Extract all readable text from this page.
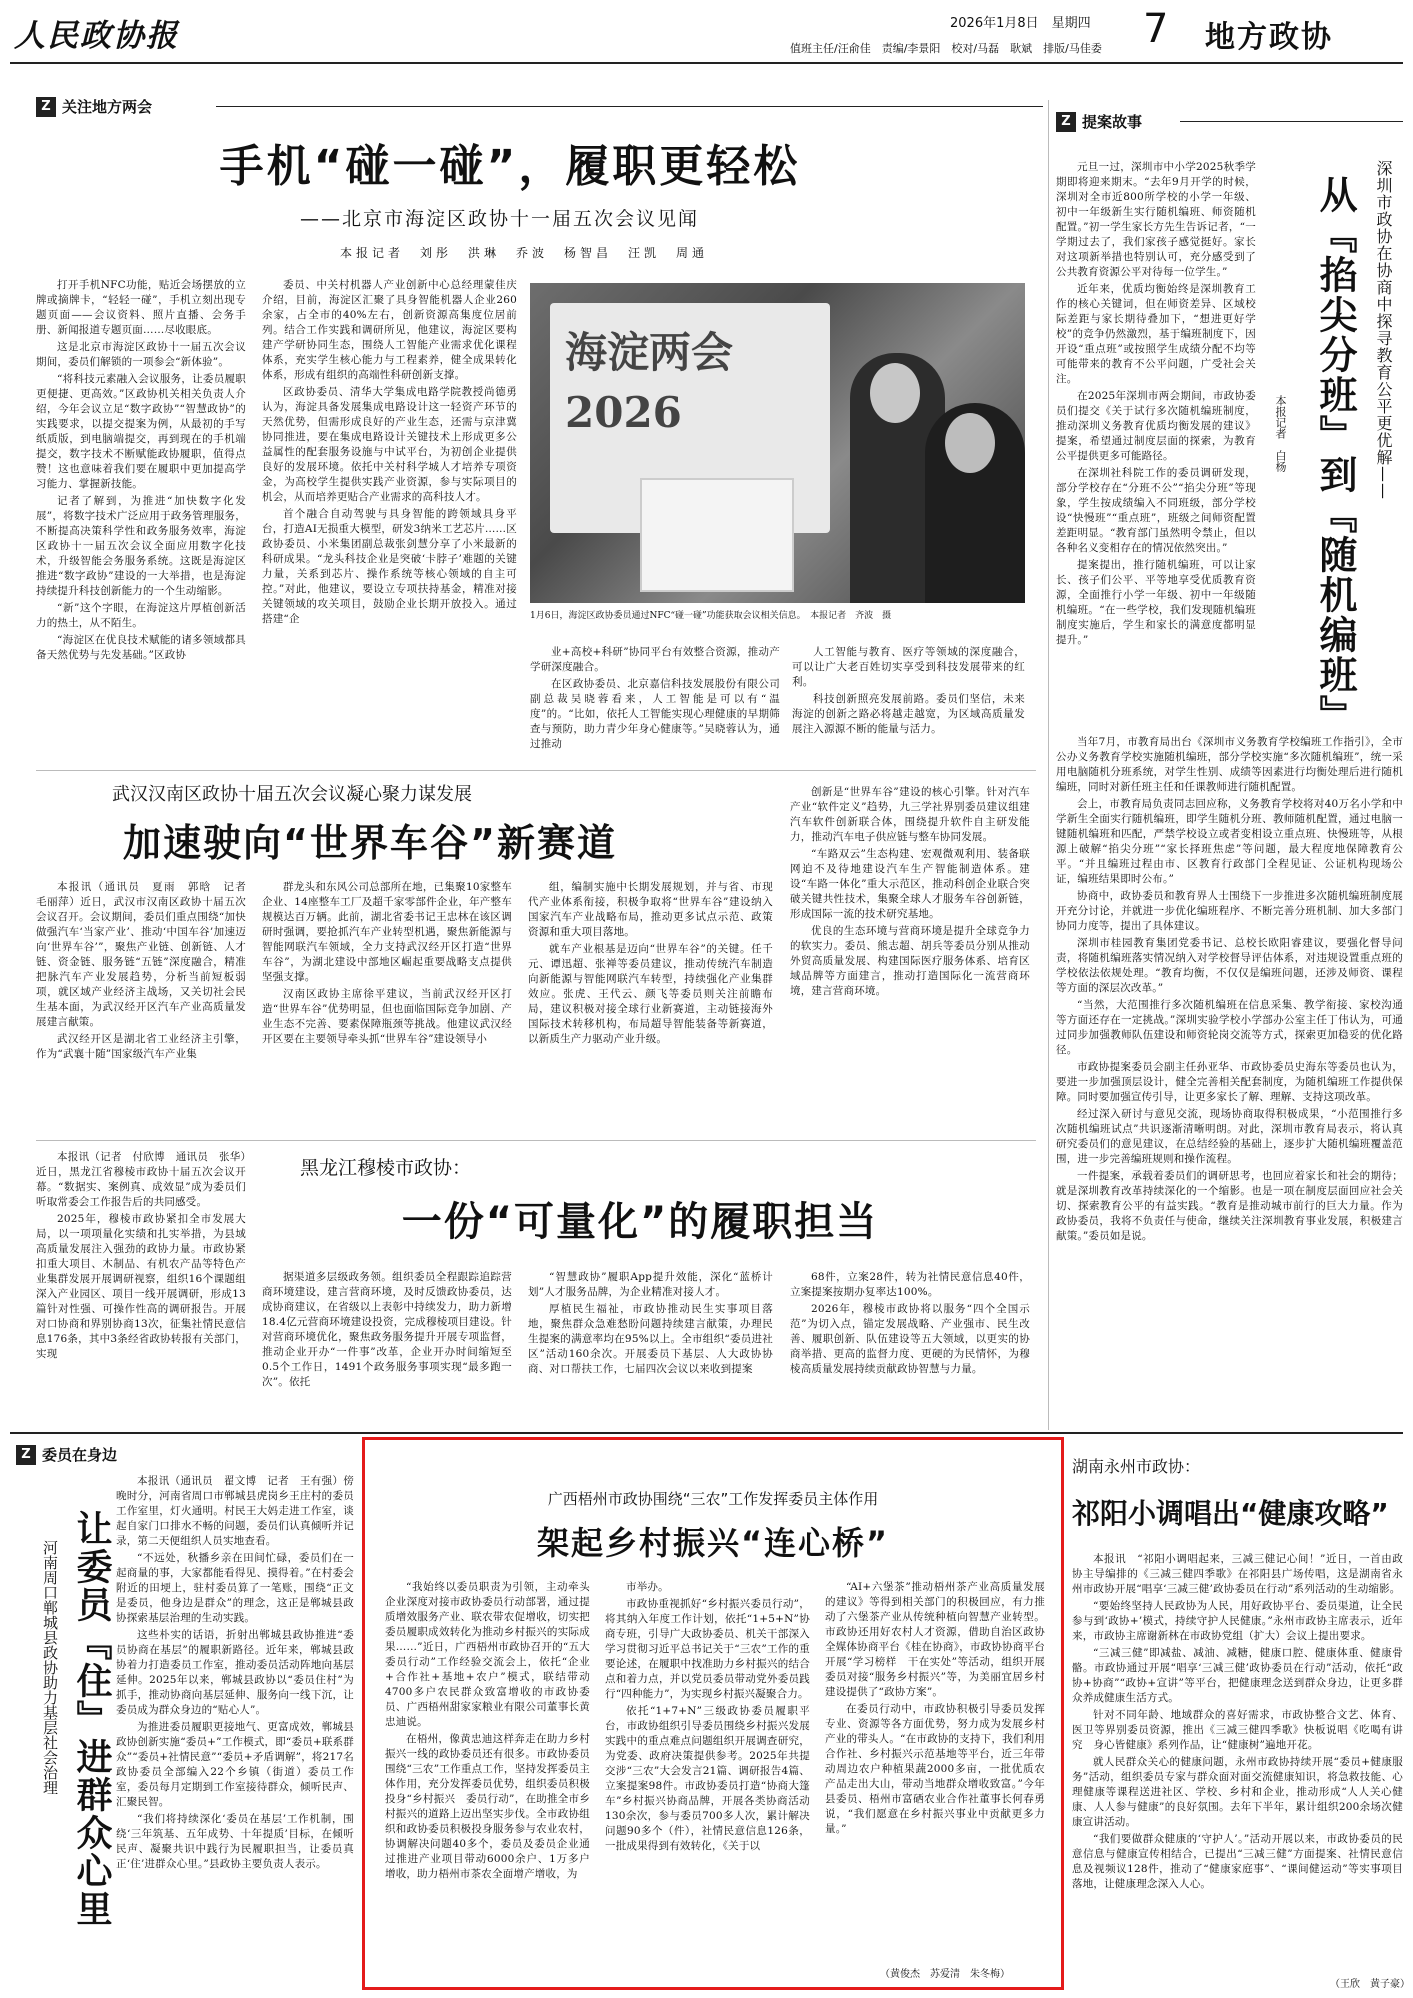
人民政协报	2026年1月8日　 星期四
值班主任/汪俞佳　责编/李景阳　校对/马磊　耿斌　排版/马佳委 7 地方政协
Z 关注地方两会
Z 提案故事
手机“碰一碰”，履职更轻松
——北京市海淀区政协十一届五次会议见闻
本报记者　刘彤　洪琳　乔波　杨智昌　汪凯　周通

打开手机NFC功能，贴近会场摆放的立牌或摘牌卡，“轻轻一碰”，手机立刻出现专题页面——会议资料、照片直播、会务手册、新闻报道专题页面……尽收眼底。

这是北京市海淀区政协十一届五次会议期间，委员们解锁的一项参会“新体验”。

“将科技元素融入会议服务，让委员履职更便捷、更高效。”区政协机关相关负责人介绍，今年会议立足“数字政协”“智慧政协”的实践要求，以提交提案为例，从最初的手写纸质版，到电脑端提交，再到现在的手机端提交，数字技术不断赋能政协履职，值得点赞！这也意味着我们要在履职中更加提高学习能力、掌握新技能。

记者了解到，为推进“加快数字化发展”，将数字技术广泛应用于政务管理服务，不断提高决策科学性和政务服务效率，海淀区政协十一届五次会议全面应用数字化技术，升级智能会务服务系统。这既是海淀区推进“数字政协”建设的一大举措，也是海淀持续提升科技创新能力的一个生动缩影。

“新”这个字眼，在海淀这片厚植创新活力的热土，从不陌生。

“海淀区在优良技术赋能的诸多领域都具备天然优势与先发基础。”区政协

委员、中关村机器人产业创新中心总经理蒙佳庆介绍，目前，海淀区汇聚了具身智能机器人企业260余家，占全市的40%左右，创新资源高集度位居前列。结合工作实践和调研所见，他建议，海淀区要构建产学研协同生态，围绕人工智能产业需求优化课程体系，充实学生核心能力与工程素养，健全成果转化体系，形成有组织的高端性科研创新支撑。

区政协委员、清华大学集成电路学院教授尚德勇认为，海淀具备发展集成电路设计这一轻资产环节的天然优势，但需形成良好的产业生态，还需与京津冀协同推进，要在集成电路设计关键技术上形成更多公益属性的配套服务设施与中试平台，为初创企业提供良好的发展环境。依托中关村科学城人才培养专项资金，为高校学生提供实践产业资源，参与实际项目的机会，从而培养更贴合产业需求的高科技人才。

首个融合自动驾驶与具身智能的跨领域具身平台，打造AI无损重大模型，研发3纳米工艺芯片……区政协委员、小米集团副总裁张剑慧分享了小米最新的科研成果。“龙头科技企业是突破‘卡脖子’难题的关键力量，关系到芯片、操作系统等核心领域的自主可控。”对此，他建议，要设立专项扶持基金，精准对接关键领域的攻关项目，鼓励企业长期开放投入。通过搭建“企

海淀两会 2026
1月6日，海淀区政协委员通过NFC“碰一碰”功能获取会议相关信息。　本报记者　齐波　摄

业+高校+科研”协同平台有效整合资源，推动产学研深度融合。

在区政协委员、北京嘉信科技发展股份有限公司副总裁吴晓蓉看来，人工智能是可以有“温度”的。“比如，依托人工智能实现心理健康的早期筛查与预防，助力青少年身心健康等。”吴晓蓉认为，通过推动

人工智能与教育、医疗等领域的深度融合，可以让广大老百姓切实享受到科技发展带来的红利。

科技创新照亮发展前路。委员们坚信，未来海淀的创新之路必将越走越宽，为区域高质量发展注入源源不断的能量与活力。

武汉汉南区政协十届五次会议凝心聚力谋发展
加速驶向“世界车谷”新赛道

本报讯（通讯员　夏雨　郭晗　记者　毛丽萍）近日，武汉市汉南区政协十届五次会议召开。会议期间，委员们重点围绕“加快做强汽车‘当家产业’、推动‘中国车谷’加速迈向‘世界车谷’”，聚焦产业链、创新链、人才链、资金链、服务链“五链”深度融合，精准把脉汽车产业发展趋势，分析当前短板弱项，就区域产业经济主战场，又关切社会民生基本面，为武汉经开区汽车产业高质量发展建言献策。

武汉经开区是湖北省工业经济主引擎，作为“武襄十随”国家级汽车产业集

群龙头和东风公司总部所在地，已集聚10家整车企业、14座整车工厂及超千家零部件企业，年产整车规模达百万辆。此前，湖北省委书记王忠林在该区调研时强调，要抢抓汽车产业转型机遇，聚焦新能源与智能网联汽车领域，全力支持武汉经开区打造“世界车谷”，为湖北建设中部地区崛起重要战略支点提供坚强支撑。

汉南区政协主席徐平建议，当前武汉经开区打造“世界车谷”优势明显，但也面临国际竞争加剧、产业生态不完善、要素保障瓶颈等挑战。他建议武汉经开区要在主要领导牵头抓“世界车谷”建设领导小

组，编制实施中长期发展规划，并与省、市现代产业体系衔接，积极争取将“世界车谷”建设纳入国家汽车产业战略布局，推动更多试点示范、政策资源和重大项目落地。

就车产业根基是迈向“世界车谷”的关键。任千元、谭迅超、张禅等委员建议，推动传统汽车制造向新能源与智能网联汽车转型，持续强化产业集群效应。张虎、王代云、颜飞等委员则关注前瞻布局，建议积极对接全球行业新赛道，主动链接海外国际技术转移机构，布局超导智能装备等新赛道，以新质生产力驱动产业升级。

创新是“世界车谷”建设的核心引擎。针对汽车产业“软件定义”趋势，九三学社界别委员建议组建汽车软件创新联合体，围绕提升软件自主研发能力，推动汽车电子供应链与整车协同发展。

“车路双云”生态构建、宏观微观利用、装备联网迫不及待地建设汽车生产智能制造体系。建设“车路一体化”重大示范区，推动科创企业联合突破关键共性技术，集聚全球人才服务车谷创新链，形成国际一流的技术研究基地。

优良的生态环境与营商环境是提升全球竞争力的软实力。委员、熊志超、胡兵等委员分别从推动外贸高质量发展、构建国际医疗服务体系、培育区域品牌等方面建言，推动打造国际化一流营商环境，建言营商环境。

本报讯（记者　付欣博　通讯员　张华）近日，黑龙江省穆棱市政协十届五次会议开幕。“数据实、案例真、成效显”成为委员们听取常委会工作报告后的共同感受。

2025年，穆棱市政协紧扣全市发展大局，以一项项量化实绩和扎实举措，为县域高质量发展注入强劲的政协力量。市政协紧扣重大项目、木制品、有机农产品等特色产业集群发展开展调研视察，组织16个课题组深入产业园区、项目一线开展调研，形成13篇针对性强、可操作性高的调研报告。开展对口协商和界别协商13次，征集社情民意信息176条，其中3条经省政协转报有关部门，实现

黑龙江穆棱市政协：
一份“可量化”的履职担当

据渠道多层级政务领。组织委员全程跟踪追踪营商环境建设，建言营商环境，及时反馈政协委员，达成协商建议，在省级以上表彰中持续发力，助力新增18.4亿元营商环境建设投资，完成穆棱项目建设。针对营商环境优化，聚焦政务服务提升开展专项监督，推动企业开办“一件事”改革，企业开办时间缩短至0.5个工作日，1491个政务服务事项实现“最多跑一次”。依托

“智慧政协”履职App提升效能，深化“蓝桥计划”人才服务品牌，为企业精准对接人才。

厚植民生福祉，市政协推动民生实事项目落地，聚焦群众急难愁盼问题持续建言献策，办理民生提案的满意率均在95%以上。全市组织“委员进社区”活动160余次。开展委员下基层、人大政协协商、对口帮扶工作，七届四次会议以来收到提案

68件，立案28件，转为社情民意信息40件，立案提案按期办复率达100%。

2026年，穆棱市政协将以服务“四个全国示范”为切入点，锚定发展战略、产业强市、民生改善、履职创新、队伍建设等五大领域，以更实的协商举措、更高的监督力度、更硬的为民情怀，为穆棱高质量发展持续贡献政协智慧与力量。

元旦一过，深圳市中小学2025秋季学期即将迎来期末。“去年9月开学的时候，深圳对全市近800所学校的小学一年级、初中一年级新生实行随机编班、师资随机配置。”初一学生家长方先生告诉记者，“一学期过去了，我们家孩子感觉挺好。家长对这项新举措也特别认可，充分感受到了公共教育资源公平对待每一位学生。”

近年来，优质均衡始终是深圳教育工作的核心关键词，但在师资差异、区域校际差距与家长期待叠加下，“想进更好学校”的竞争仍然激烈，基于编班制度下，因开设“重点班”或按照学生成绩分配不均等可能带来的教育不公平问题，广受社会关注。

在2025年深圳市两会期间，市政协委员们提交《关于试行多次随机编班制度，推动深圳义务教育优质均衡发展的建议》提案，希望通过制度层面的探索，为教育公平提供更多可能路径。

在深圳社科院工作的委员调研发现，部分学校存在“分班不公”“掐尖分班”等现象，学生按成绩编入不同班级，部分学校设“快慢班”“重点班”，班级之间师资配置差距明显。“教育部门虽然明令禁止，但以各种名义变相存在的情况依然突出。”

提案提出，推行随机编班，可以让家长、孩子们公平、平等地享受优质教育资源，全面推行小学一年级、初中一年级随机编班。“在一些学校，我们发现随机编班制度实施后，学生和家长的满意度都明显提升。”

深圳市政协在协商中探寻教育公平更优解——
从『掐尖分班』到『随机编班』
本报记者　白杨

当年7月，市教育局出台《深圳市义务教育学校编班工作指引》，全市公办义务教育学校实施随机编班，部分学校实施“多次随机编班”，统一采用电脑随机分班系统，对学生性别、成绩等因素进行均衡处理后进行随机编班，同时对新任班主任和任课教师进行随机配置。

会上，市教育局负责同志回应称，义务教育学校将对40万名小学和中学新生全面实行随机编班，即学生随机分班、教师随机配置，通过电脑一键随机编班和匹配，严禁学校设立或者变相设立重点班、快慢班等，从根源上破解“掐尖分班”“家长择班焦虑”等问题，最大程度地保障教育公平。“并且编班过程由市、区教育行政部门全程见证、公证机构现场公证，编班结果即时公布。”

协商中，政协委员和教育界人士围绕下一步推进多次随机编班制度展开充分讨论，并就进一步优化编班程序、不断完善分班机制、加大多部门协同力度等，提出了具体建议。

深圳市桂园教育集团党委书记、总校长欧阳睿建议，要强化督导问责，将随机编班落实情况纳入对学校督导评估体系，对违规设置重点班的学校依法依规处理。“教育均衡，不仅仅是编班问题，还涉及师资、课程等方面的深层次改革。”

“当然，大范围推行多次随机编班在信息采集、教学衔接、家校沟通等方面还存在一定挑战。”深圳实验学校小学部办公室主任丁伟认为，可通过同步加强教师队伍建设和师资轮岗交流等方式，探索更加稳妥的优化路径。

市政协提案委员会副主任孙亚华、市政协委员史海东等委员也认为，要进一步加强顶层设计，健全完善相关配套制度，为随机编班工作提供保障。同时要加强宣传引导，让更多家长了解、理解、支持这项改革。

经过深入研讨与意见交流，现场协商取得积极成果，“小范围推行多次随机编班试点”共识逐渐清晰明朗。对此，深圳市教育局表示，将认真研究委员们的意见建议，在总结经验的基础上，逐步扩大随机编班覆盖范围，进一步完善编班规则和操作流程。

一件提案，承载着委员们的调研思考，也回应着家长和社会的期待；就是深圳教育改革持续深化的一个缩影。也是一项在制度层面回应社会关切、探索教育公平的有益实践。“教育是推动城市前行的巨大力量。作为政协委员，我将不负责任与使命，继续关注深圳教育事业发展，积极建言献策。”委员如是说。

Z 委员在身边
河南周口郸城县政协助力基层社会治理 让委员『住』进群众心里

本报讯（通讯员　翟文博　记者　王有强）傍晚时分，河南省周口市郸城县虎岗乡王庄村的委员工作室里，灯火通明。村民王大妈走进工作室，谈起自家门口排水不畅的问题，委员们认真倾听并记录，第二天便组织人员实地查看。

“不远处，秋播乡亲在田间忙碌，委员们在一起商量的事，大家都能看得见、摸得着。”在村委会附近的田埂上，驻村委员算了一笔账，围绕“正文是委员，他身边是群众”的理念，这正是郸城县政协探索基层治理的生动实践。

这些朴实的话语，折射出郸城县政协推进“委员协商在基层”的履职新路径。近年来，郸城县政协着力打造委员工作室，推动委员活动阵地向基层延伸。2025年以来，郸城县政协以“委员住村”为抓手，推动协商向基层延伸、服务向一线下沉，让委员成为群众身边的“贴心人”。

为推进委员履职更接地气、更富成效，郸城县政协创新实施“委员+”工作模式，即“委员+联系群众”“委员+社情民意”“委员+矛盾调解”，将217名政协委员全部编入22个乡镇（街道）委员工作室，委员每月定期到工作室接待群众，倾听民声、汇聚民智。

“我们将持续深化‘委员在基层’工作机制，围绕‘三年筑基、五年成势、十年提质’目标，在倾听民声、凝聚共识中践行为民履职担当，让委员真正‘住’进群众心里。”县政协主要负责人表示。

广西梧州市政协围绕“三农”工作发挥委员主体作用
架起乡村振兴“连心桥”

“我始终以委员职责为引领，主动牵头企业深度对接市政协委员行动部署，通过提质增效服务产业、联农带农促增收，切实把委员履职成效转化为推动乡村振兴的实际成果……”近日，广西梧州市政协召开的“五大委员行动”工作经验交流会上，依托“企业+合作社+基地+农户”模式，联结带动4700多户农民群众致富增收的市政协委员、广西梧州甜家家粮业有限公司董事长黄忠迪说。

在梧州，像黄忠迪这样奔走在助力乡村振兴一线的政协委员还有很多。市政协委员围绕“三农”工作重点工作，坚持发挥委员主体作用，充分发挥委员优势，组织委员积极投身“乡村振兴　委员行动”，在助推全市乡村振兴的道路上迈出坚实步伐。全市政协组织和政协委员积极投身服务参与农业农村，协调解决问题40多个，委员及委员企业通过推进产业项目带动6000余户、1万多户增收，助力梧州市茶农全面增产增收，为

市举办。

市政协重视抓好“乡村振兴委员行动”，将其纳入年度工作计划，依托“1+5+N”协商专班，引导广大政协委员、机关干部深入学习贯彻习近平总书记关于“三农”工作的重要论述，在履职中找准助力乡村振兴的结合点和着力点，并以党员委员带动党外委员践行“四种能力”，为实现乡村振兴凝聚合力。

依托“1+7+N”三级政协委员履职平台，市政协组织引导委员围绕乡村振兴发展实践中的重点难点问题组织开展调查研究，为党委、政府决策提供参考。2025年共提交涉“三农”大会发言21篇、调研报告4篇、立案提案98件。市政协委员打造“协商大篷车”乡村振兴协商品牌，开展各类协商活动130余次，参与委员700多人次，累计解决问题90多个（件），社情民意信息126条，一批成果得到有效转化，《关于以

“AI+六堡茶”推动梧州茶产业高质量发展的建议》等得到相关部门的积极回应，有力推动了六堡茶产业从传统种植向智慧产业转型。市政协还用好农村人才资源，借助自治区政协全媒体协商平台《桂在协商》，市政协协商平台开展“学习榜样　干在实处”等活动，组织开展委员对接“服务乡村振兴”等，为美丽宜居乡村建设提供了“政协方案”。

在委员行动中，市政协积极引导委员发挥专业、资源等各方面优势，努力成为发展乡村产业的带头人。“在市政协的支持下，我们利用合作社、乡村振兴示范基地等平台，近三年带动周边农户种植果蔬2000多亩，一批优质农产品走出大山，带动当地群众增收致富。”今年县委员、梧州市富硒农业合作社董事长何春勇说，“我们愿意在乡村振兴事业中贡献更多力量。”

（黄俊杰　苏爱清　朱冬梅）
湖南永州市政协：
祁阳小调唱出“健康攻略”

本报讯　“祁阳小调唱起来，三减三健记心间！”近日，一首由政协主导编排的《三减三健四季歌》在祁阳县广场传唱，这是湖南省永州市政协开展“唱享‘三减三健’政协委员在行动”系列活动的生动缩影。

“要始终坚持人民政协为人民，用好政协平台、委员渠道，让全民参与到‘政协+’模式，持续守护人民健康。”永州市政协主席表示，近年来，市政协主席谢新林在市政协党组（扩大）会议上提出要求。

“三减三健”即减盐、减油、减糖，健康口腔、健康体重、健康骨骼。市政协通过开展“唱享‘三减三健’政协委员在行动”活动，依托“政协+协商”“政协+宣讲”等平台，把健康理念送到群众身边，让更多群众养成健康生活方式。

针对不同年龄、地域群众的喜好需求，市政协整合文艺、体育、医卫等界别委员资源，推出《三减三健四季歌》快板说唱《吃喝有讲究　身心皆健康》系列作品，让“健康树”遍地开花。

就人民群众关心的健康问题，永州市政协持续开展“委员+健康服务”活动，组织委员专家与群众面对面交流健康知识，将急救技能、心理健康等课程送进社区、学校、乡村和企业，推动形成“人人关心健康、人人参与健康”的良好氛围。去年下半年，累计组织200余场次健康宣讲活动。

“我们要做群众健康的‘守护人’。”活动开展以来，市政协委员的民意信息与健康宣传相结合，已提出“三减三健”方面提案、社情民意信息及视频议128件，推动了“健康家庭事”、“课间健运动”等实事项目落地，让健康理念深入人心。

（王欣　黄子豪）
